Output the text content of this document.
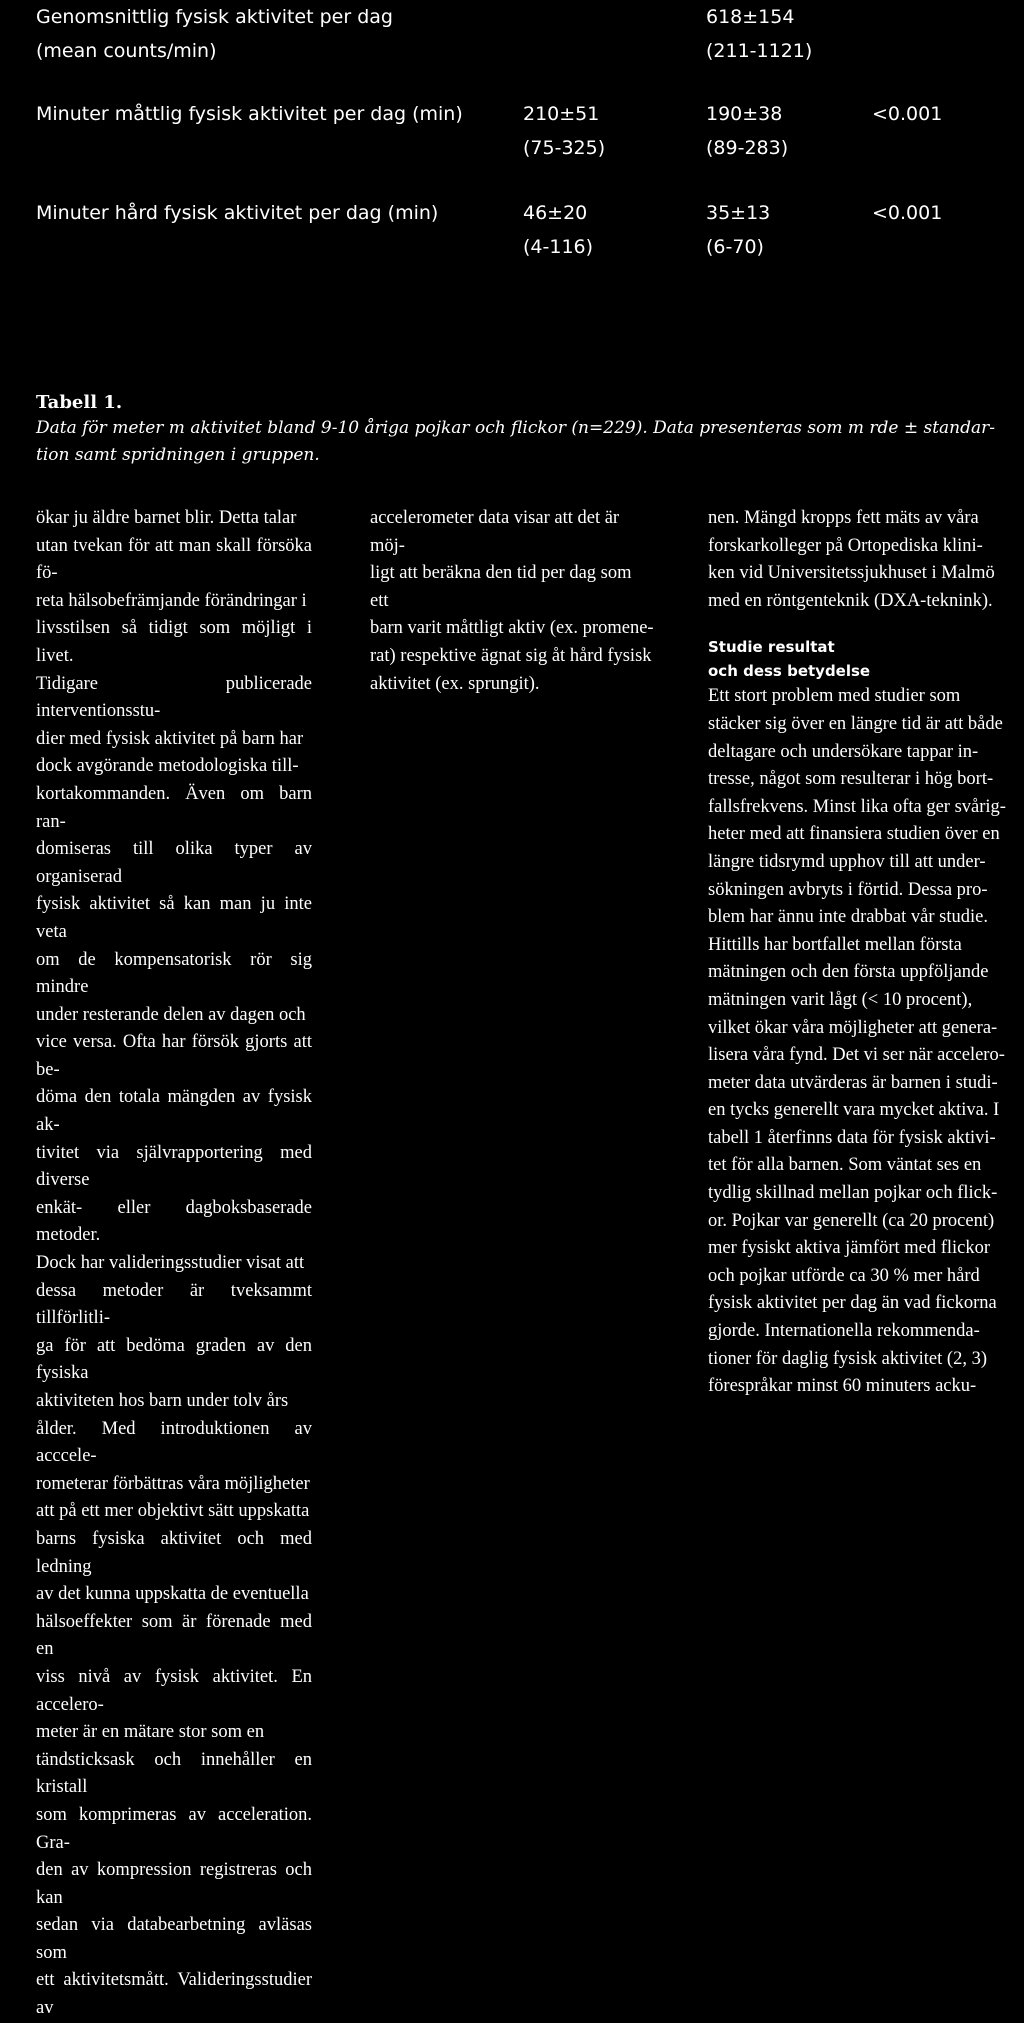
Genomsnittlig fysisk aktivitet per dag
(mean counts/min)
618±154
(211-1121)
Minuter måttlig fysisk aktivitet per dag (min)	210±51
(75-325)
190±38
(89-283)
<0.001
Minuter hård fysisk aktivitet per dag (min)	46±20
(4-116)
35±13
(6-70)
<0.001
Tabell 1.
Data för meter m aktivitet bland 9-10 åriga pojkar och flickor (n=229). Data presenteras som m rde ± standar-
tion samt spridningen i gruppen.

ökar ju äldre barnet blir. Detta talar
utan tvekan för att man skall försöka fö-
reta hälsobefrämjande förändringar i
livsstilsen så tidigt som möjligt i livet.
Tidigare publicerade interventionsstu-
dier med fysisk aktivitet på barn har
dock avgörande metodologiska till-
kortakommanden. Även om barn ran-
domiseras till olika typer av organiserad
fysisk aktivitet så kan man ju inte veta
om de kompensatorisk rör sig mindre
under resterande delen av dagen och
vice versa. Ofta har försök gjorts att be-
döma den totala mängden av fysisk ak-
tivitet via självrapportering med diverse
enkät- eller dagboksbaserade metoder.
Dock har valideringsstudier visat att
dessa metoder är tveksammt tillförlitli-
ga för att bedöma graden av den fysiska
aktiviteten hos barn under tolv års
ålder. Med introduktionen av acccele-
rometerar förbättras våra möjligheter
att på ett mer objektivt sätt uppskatta
barns fysiska aktivitet och med ledning
av det kunna uppskatta de eventuella
hälsoeffekter som är förenade med en
viss nivå av fysisk aktivitet. En accelero-
meter är en mätare stor som en
tändsticksask och innehåller en kristall
som komprimeras av acceleration. Gra-
den av kompression registreras och kan
sedan via databearbetning avläsas som
ett aktivitetsmått. Valideringsstudier av

accelerometer data visar att det är möj-
ligt att beräkna den tid per dag som ett
barn varit måttligt aktiv (ex. promene-
rat) respektive ägnat sig åt hård fysisk
aktivitet (ex. sprungit).

nen. Mängd kropps fett mäts av våra
forskarkolleger på Ortopediska klini-
ken vid Universitetssjukhuset i Malmö
med en röntgenteknik (DXA-teknink).

Studie resultat
och dess betydelse

Ett stort problem med studier som
stäcker sig över en längre tid är att både
deltagare och undersökare tappar in-
tresse, något som resulterar i hög bort-
fallsfrekvens. Minst lika ofta ger svårig-
heter med att finansiera studien över en
längre tidsrymd upphov till att under-
sökningen avbryts i förtid. Dessa pro-
blem har ännu inte drabbat vår studie.
Hittills har bortfallet mellan första
mätningen och den första uppföljande
mätningen varit lågt (< 10 procent),
vilket ökar våra möjligheter att genera-
lisera våra fynd. Det vi ser när accelero-
meter data utvärderas är barnen i studi-
en tycks generellt vara mycket aktiva. I
tabell 1 återfinns data för fysisk aktivi-
tet för alla barnen. Som väntat ses en
tydlig skillnad mellan pojkar och flick-
or. Pojkar var generellt (ca 20 procent)
mer fysiskt aktiva jämfört med flickor
och pojkar utförde ca 30 % mer hård
fysisk aktivitet per dag än vad fickorna
gjorde. Internationella rekommenda-
tioner för daglig fysisk aktivitet (2, 3)
förespråkar minst 60 minuters acku-
